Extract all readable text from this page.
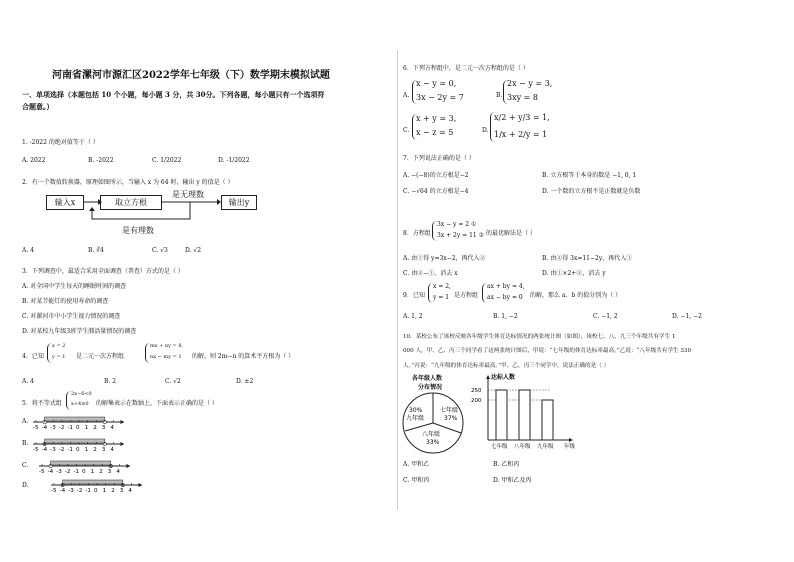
河南省漯河市源汇区2022学年七年级（下）数学期末模拟试题
一、单项选择（本题包括 10 个小题，每小题 3 分，共 30分。下列各题，每小题只有一个选项符
合题意。）
1. -2022 的绝对值等于（ ）
A. 2022	B. -2022	C. 1/2022	D. -1/2022
2．有一个数值转换器，原理如图所示，当输入 x 为 64 时，输出 y 的值是（ ）
输入x	取立方根	输出y
是无理数
是有理数
A. 4	B. ∛4	C. √3	D. √2
3．下列调查中，最适合采用全面调查（普查）方式的是（ ）
A. 对全国中学生每天的睡眠时间的调查
B. 对某节能灯的使用寿命的调查
C. 对漯河市中小学生视力情况的调查
D. 对某校九年级3班学生肺活量情况的调查
4．已知
x = 2
y = 1 是二元一次方程组
mx + ny = 8,
nx − my = 1 的解，则 2m−n 的算术平方根为（ ）
A. 4	B. 2	C. √2	D. ±2
5．将不等式组
2x−6<0
x+4≥0 的解集表示在数轴上，下面表示正确的是（ ）
A.
-5 -4 -3 -2 -1 0 1 2 3 4
B.
-5 -4 -3 -2 -1 0 1 2 3 4
C.
-5 -4 -3 -2 -1 0 1 2 3 4
D.
-5 -4 -3 -2 -1 0 1 2 3 4
6．下列方程组中，是二元一次方程组的是（ ）
A.
x − y = 0,
3x − 2y = 7	B.
2x − y = 3,
3xy = 8
C.
x + y = 3,
x − z = 5	D.
x/2 + y/3 = 1,
1/x + 2/y = 1
7．下列说法正确的是（ ）
A. −(−8)的立方根是−2	B. 立方根等于本身的数是 −1, 0, 1
C. −√64 的立方根是−4	D. 一个数的立方根不是正数就是负数
8．方程组
3x − y = 2 ①
3x + 2y = 11 ② 的最优解法是（ ）
A. 由①得 y=3x−2，再代入②	B. 由②得 3x=11−2y，再代入①
C. 由②−①，消去 x	D. 由①×2+②，消去 y
9．已知
x = 2,
y = 1 是方程组
ax + by = 4,
ax − by = 0 的解，那么 a、b 的值分别为（ ）
A. 1, 2	B. 1, −2	C. −1, 2	D. −1, −2
10．某校公布了该校反映各年级学生体育达标情况的两张统计图（如图），该校七、八、九三个年级共有学生 1
000 人，甲、乙、丙三个同学看了这两张统计图后，甲说：“七年级的体育达标率最高。”乙说：“八年级共有学生 330
人。”丙说：“九年级的体育达标率最高。”甲、乙、丙三个同学中，说法正确的是（ ）
各年级人数
分布情况
七年级
37%
30%
九年级
八年级
33%
达标人数
200
250
七年级 八年级 九年级 年级
A. 甲和乙	B. 乙和丙
C. 甲和丙	D. 甲和乙及丙
